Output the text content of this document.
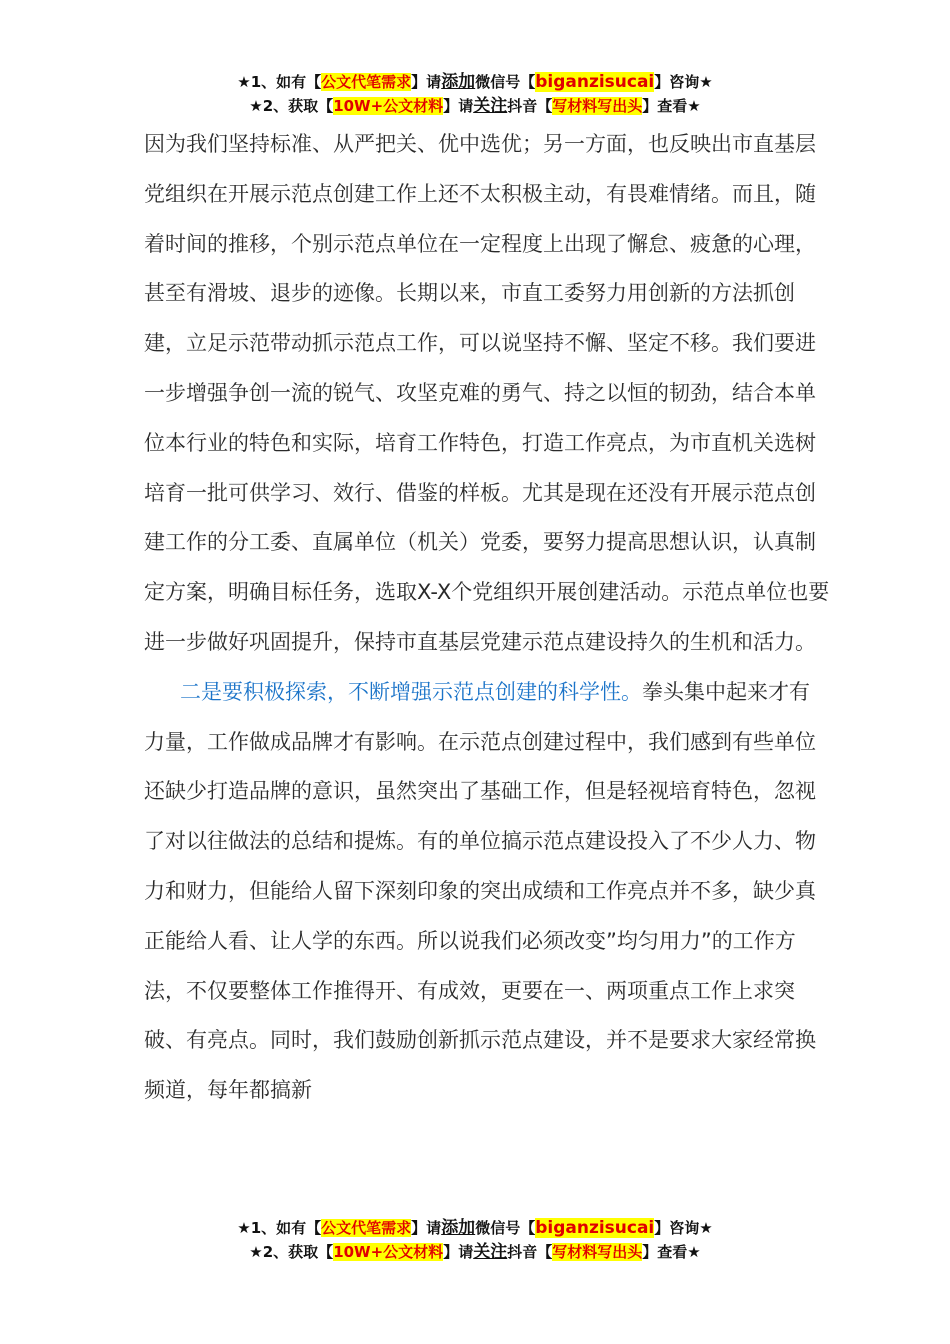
★1、如有【公文代笔需求】请添加微信号【biganzisucai】咨询★
★2、获取【10W+公文材料】请关注抖音【写材料写出头】查看★

因为我们坚持标准、从严把关、优中选优；另一方面，也反映出市直基层党组织在开展示范点创建工作上还不太积极主动，有畏难情绪。而且，随着时间的推移，个别示范点单位在一定程度上出现了懈怠、疲惫的心理，甚至有滑坡、退步的迹像。长期以来，市直工委努力用创新的方法抓创建，立足示范带动抓示范点工作，可以说坚持不懈、坚定不移。我们要进一步增强争创一流的锐气、攻坚克难的勇气、持之以恒的韧劲，结合本单位本行业的特色和实际，培育工作特色，打造工作亮点，为市直机关选树培育一批可供学习、效行、借鉴的样板。尤其是现在还没有开展示范点创建工作的分工委、直属单位（机关）党委，要努力提高思想认识，认真制定方案，明确目标任务，选取X-X个党组织开展创建活动。示范点单位也要进一步做好巩固提升，保持市直基层党建示范点建设持久的生机和活力。

二是要积极探索，不断增强示范点创建的科学性。拳头集中起来才有力量，工作做成品牌才有影响。在示范点创建过程中，我们感到有些单位还缺少打造品牌的意识，虽然突出了基础工作，但是轻视培育特色，忽视了对以往做法的总结和提炼。有的单位搞示范点建设投入了不少人力、物力和财力，但能给人留下深刻印象的突出成绩和工作亮点并不多，缺少真正能给人看、让人学的东西。所以说我们必须改变”均匀用力”的工作方法，不仅要整体工作推得开、有成效，更要在一、两项重点工作上求突破、有亮点。同时，我们鼓励创新抓示范点建设，并不是要求大家经常换频道，每年都搞新

★1、如有【公文代笔需求】请添加微信号【biganzisucai】咨询★
★2、获取【10W+公文材料】请关注抖音【写材料写出头】查看★
